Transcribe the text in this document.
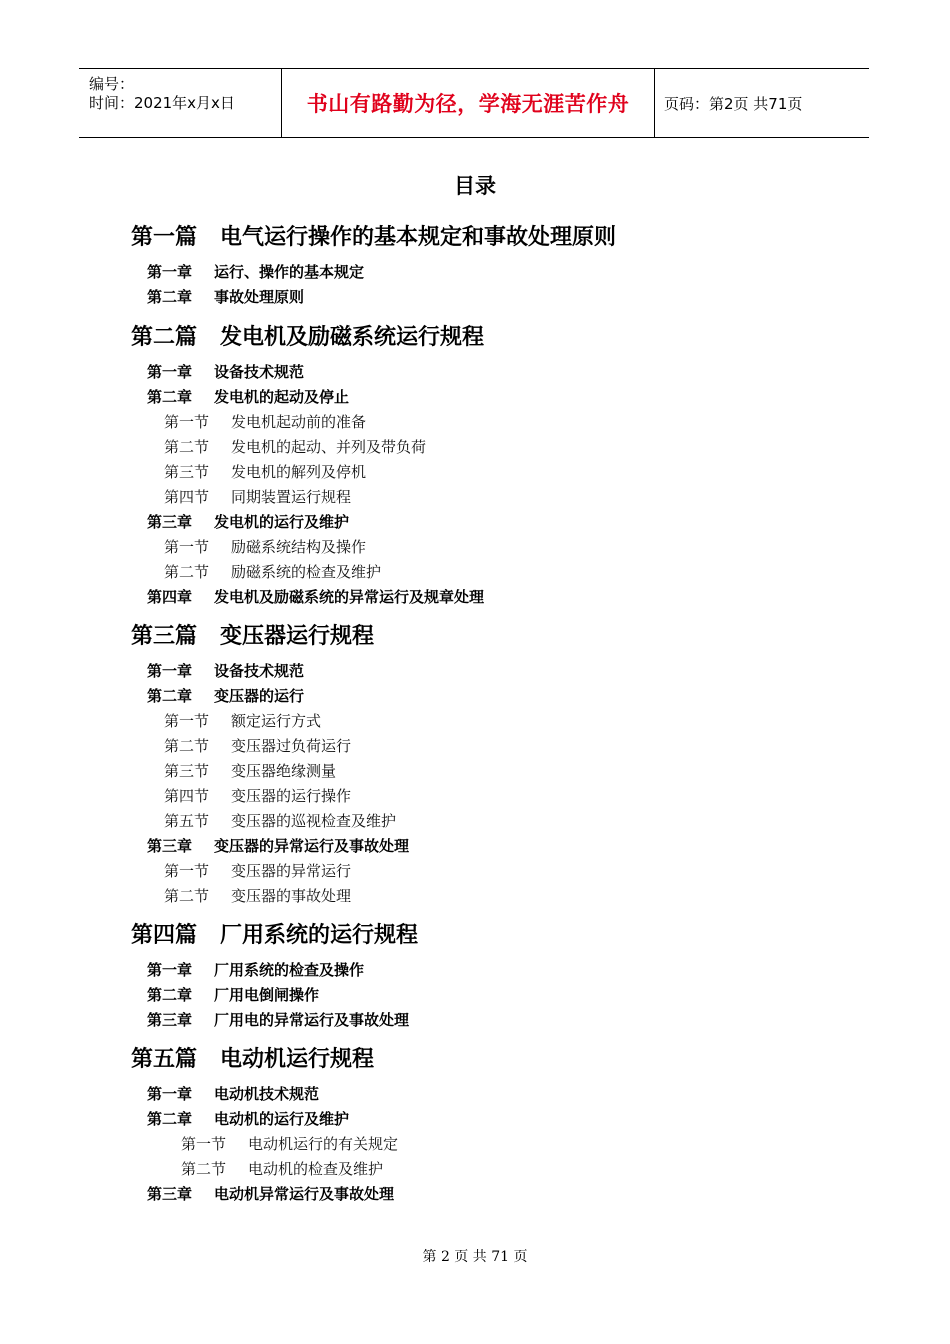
编号：
时间：2021年x月x日	书山有路勤为径，学海无涯苦作舟 页码：第2页 共71页
目录
第一篇 电气运行操作的基本规定和事故处理原则
第一章 运行、操作的基本规定
第二章 事故处理原则
第二篇 发电机及励磁系统运行规程
第一章 设备技术规范
第二章 发电机的起动及停止
第一节 发电机起动前的准备
第二节 发电机的起动、并列及带负荷
第三节 发电机的解列及停机
第四节 同期装置运行规程
第三章 发电机的运行及维护
第一节 励磁系统结构及操作
第二节 励磁系统的检查及维护
第四章 发电机及励磁系统的异常运行及规章处理
第三篇 变压器运行规程
第一章 设备技术规范
第二章 变压器的运行
第一节 额定运行方式
第二节 变压器过负荷运行
第三节 变压器绝缘测量
第四节 变压器的运行操作
第五节 变压器的巡视检查及维护
第三章 变压器的异常运行及事故处理
第一节 变压器的异常运行
第二节 变压器的事故处理
第四篇 厂用系统的运行规程
第一章 厂用系统的检查及操作
第二章 厂用电倒闸操作
第三章 厂用电的异常运行及事故处理
第五篇 电动机运行规程
第一章 电动机技术规范
第二章 电动机的运行及维护
第一节 电动机运行的有关规定
第二节 电动机的检查及维护
第三章 电动机异常运行及事故处理
第 2 页 共 71 页
